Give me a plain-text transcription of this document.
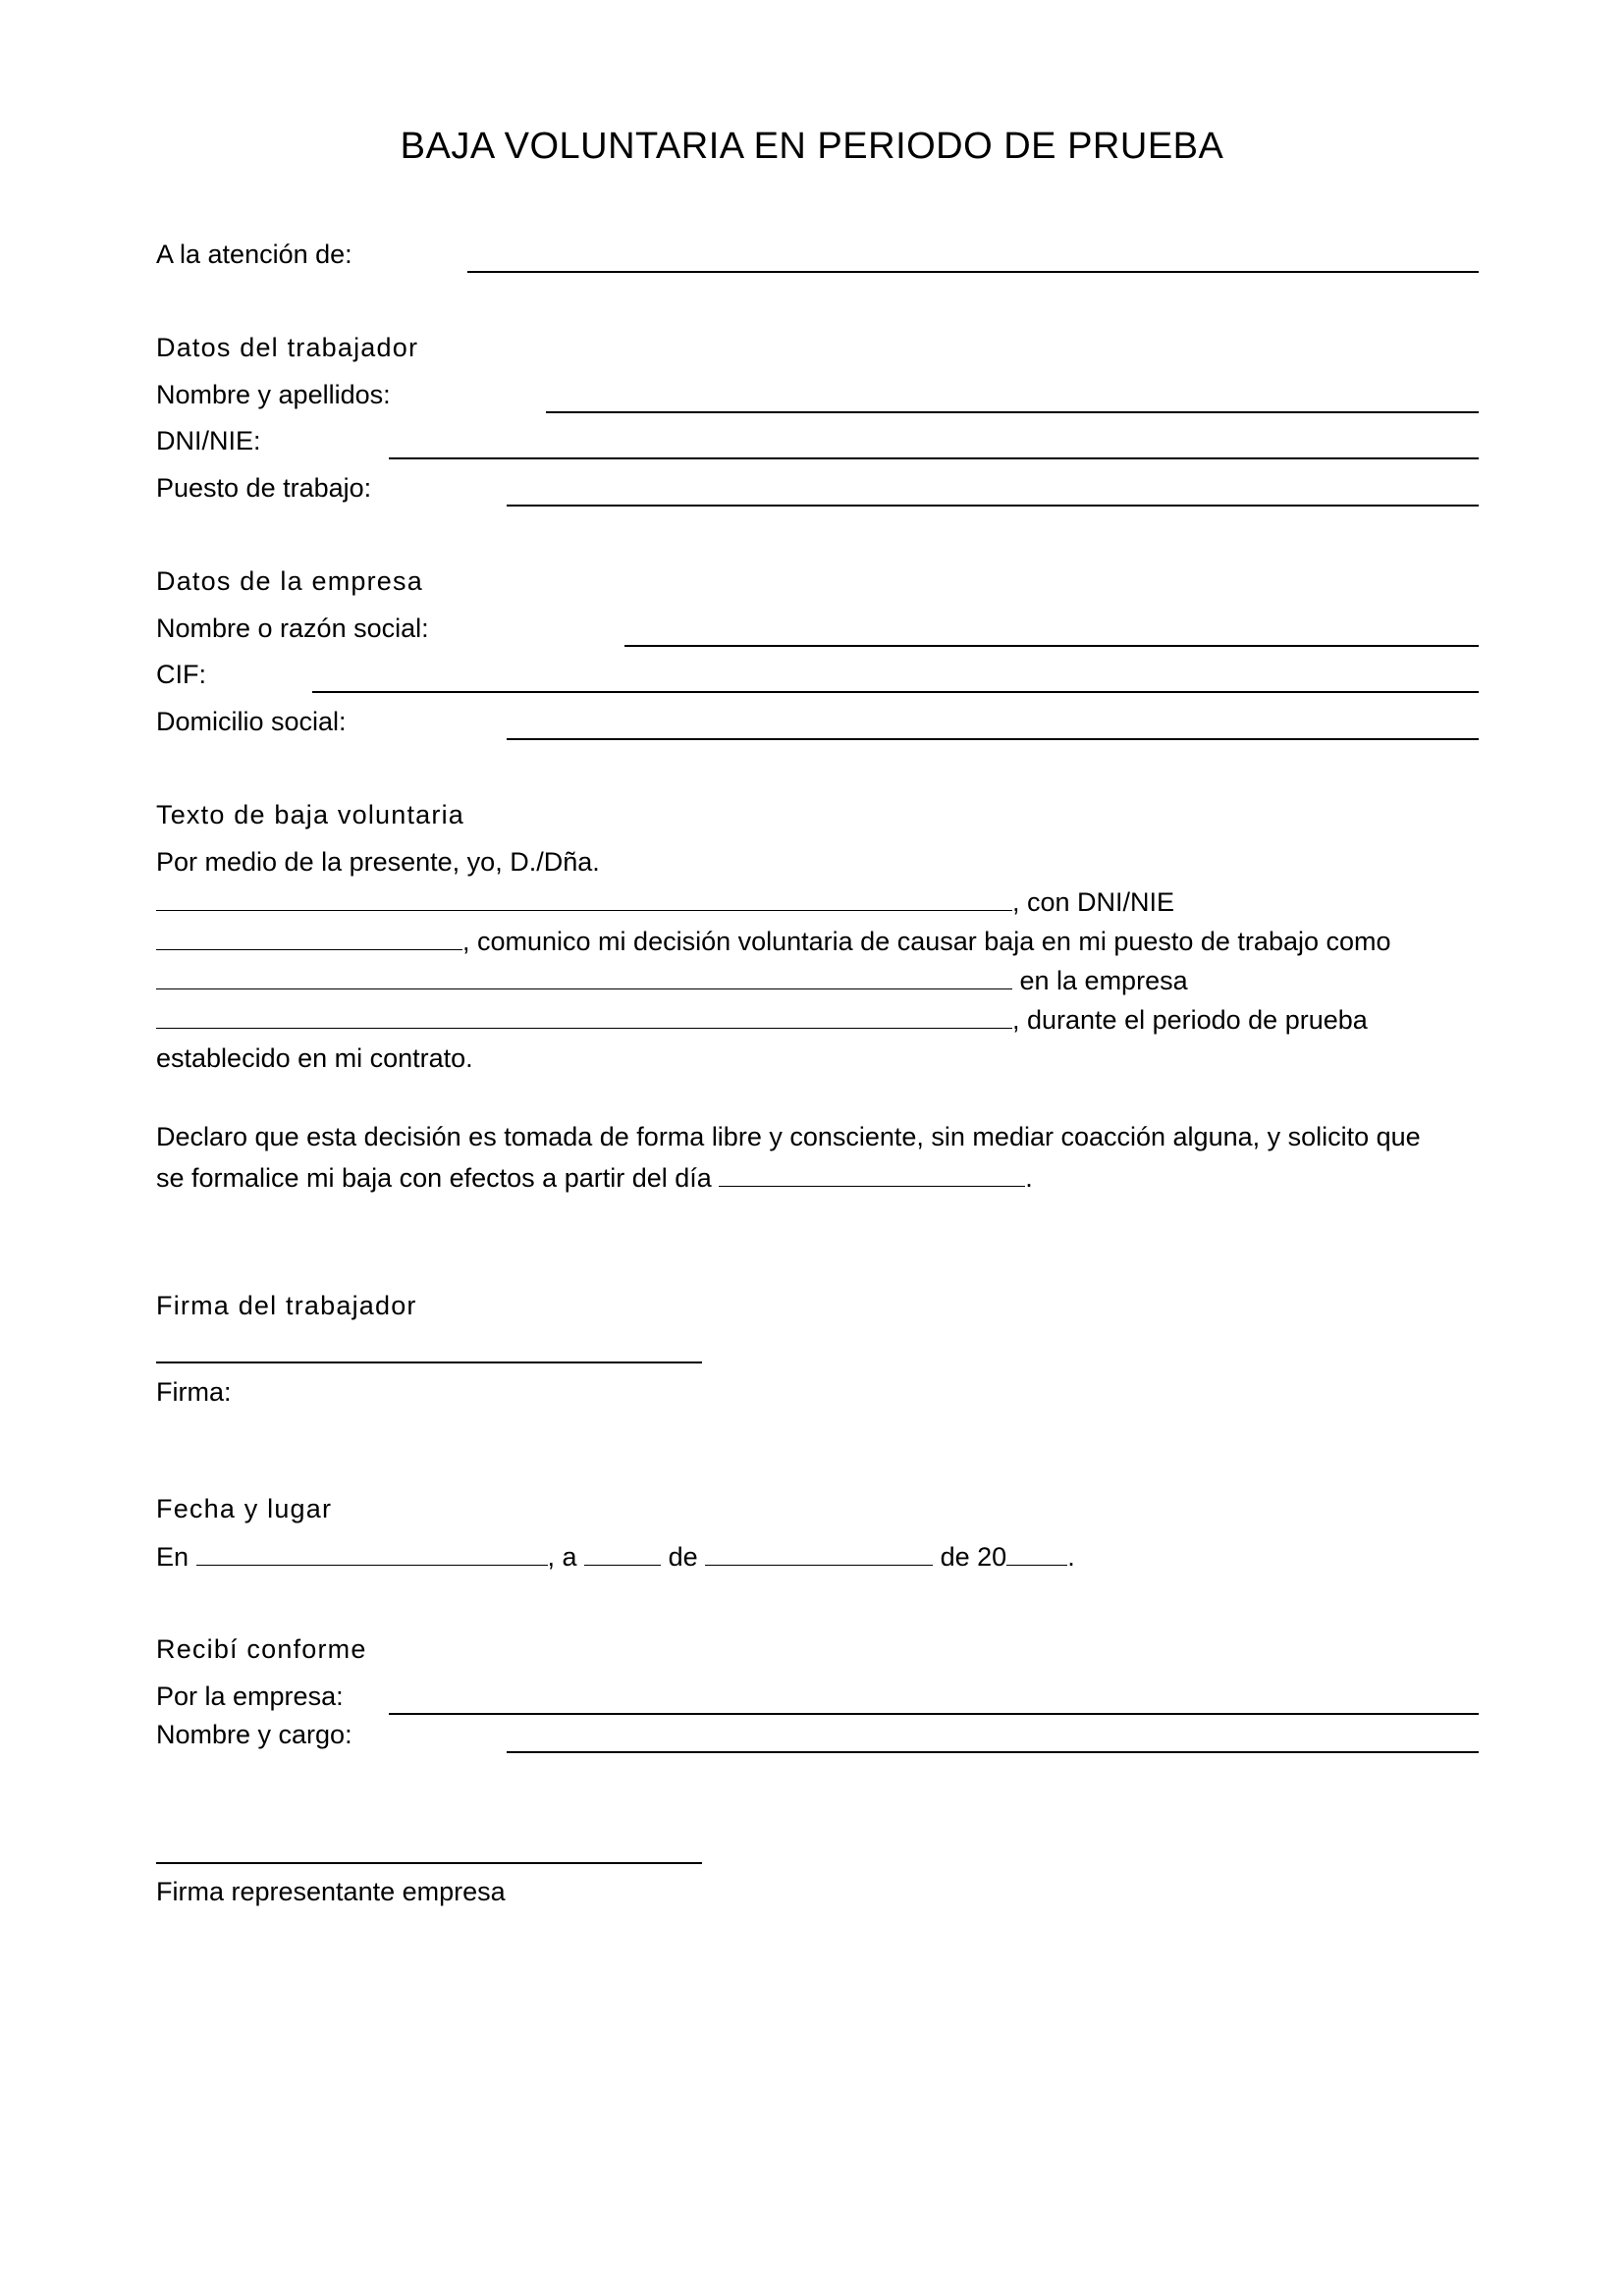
BAJA VOLUNTARIA EN PERIODO DE PRUEBA

A la atención de:

Datos del trabajador

Nombre y apellidos:

DNI/NIE:

Puesto de trabajo:

Datos de la empresa

Nombre o razón social:

CIF:

Domicilio social:

Texto de baja voluntaria

Por medio de la presente, yo, D./Dña.

, con DNI/NIE

, comunico mi decisión voluntaria de causar baja en mi puesto de trabajo como

en la empresa

, durante el periodo de prueba

establecido en mi contrato.

Declaro que esta decisión es tomada de forma libre y consciente, sin mediar coacción alguna, y solicito que

se formalice mi baja con efectos a partir del día	.

Firma del trabajador

Firma:

Fecha y lugar

En	, a	de	de 20 .

Recibí conforme

Por la empresa:

Nombre y cargo:

Firma representante empresa
